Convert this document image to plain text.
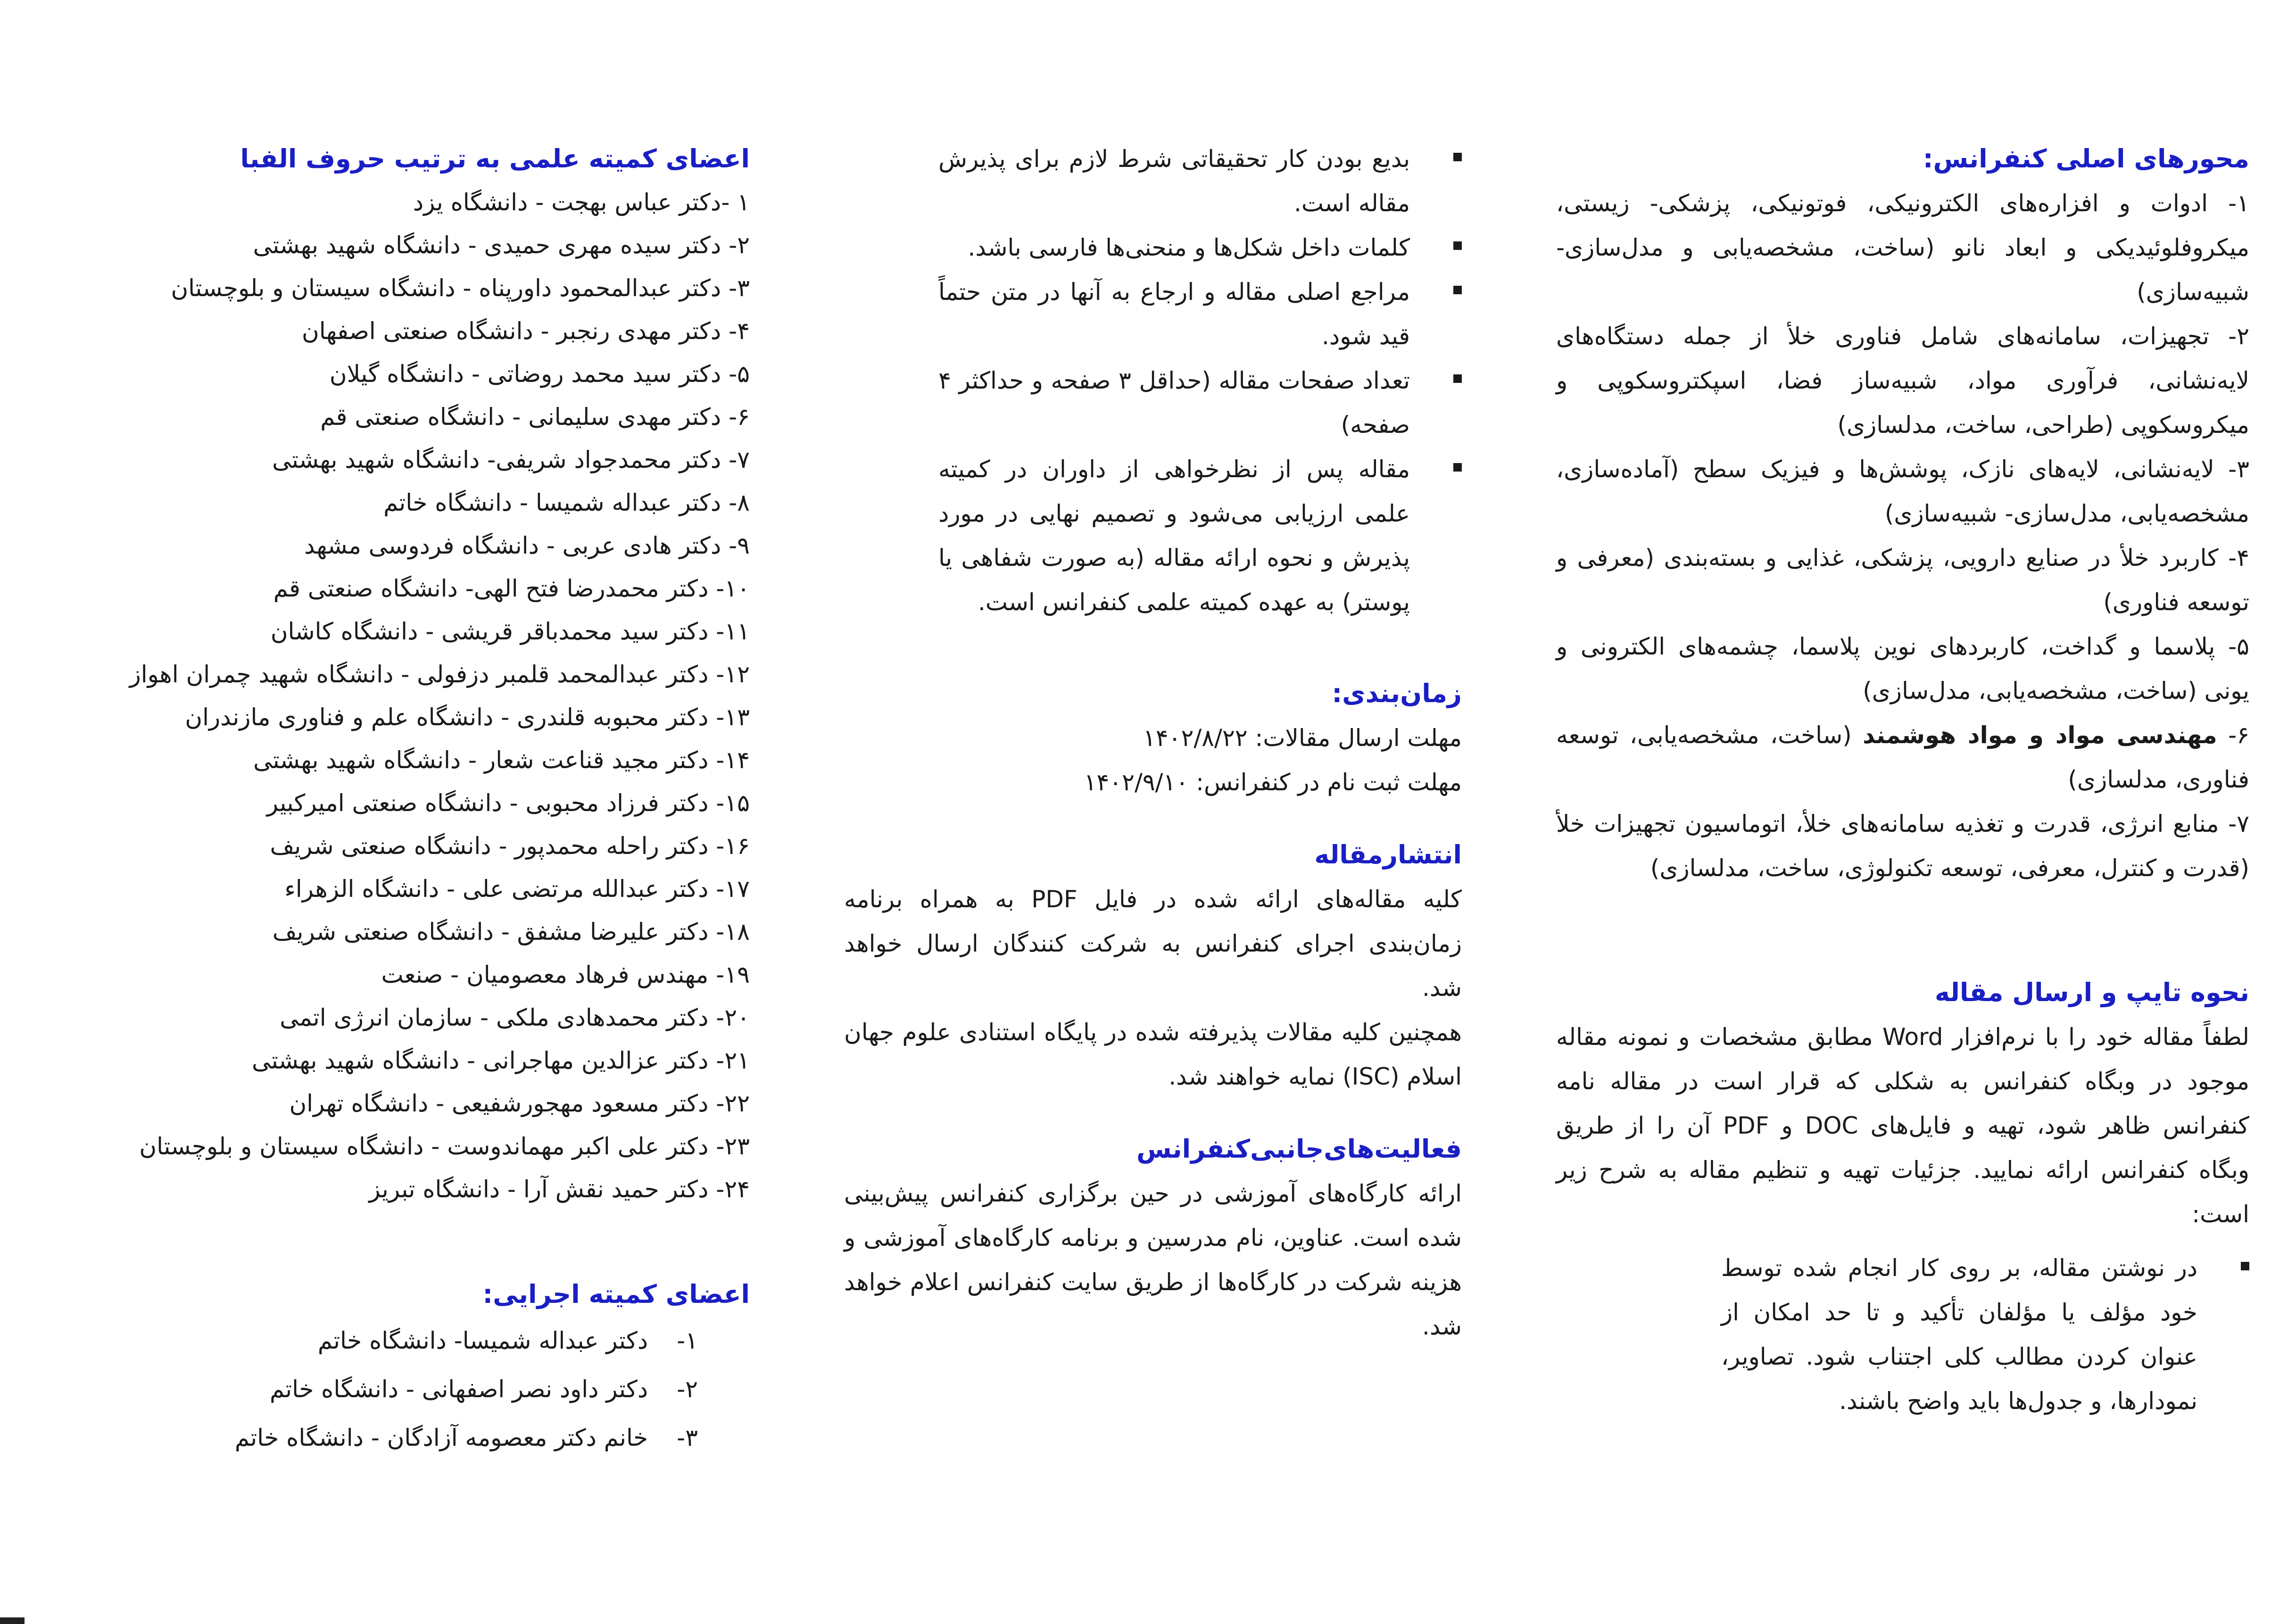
محورهای اصلی کنفرانس:

۱- ادوات و افزاره‌های الکترونیکی، فوتونیکی، پزشکی- زیستی، میکروفلوئیدیکی و ابعاد نانو (ساخت، مشخصه‌یابی و مدل‌سازی- شبیه‌سازی)

۲- تجهیزات، سامانه‌های شامل فناوری خلأ از جمله دستگاه‌های لایه‌نشانی، فرآوری مواد، شبیه‌ساز فضا، اسپکتروسکوپی و میکروسکوپی (طراحی، ساخت، مدلسازی)

۳- لایه‌نشانی، لایه‌های نازک، پوشش‌ها و فیزیک سطح (آماده‌سازی، مشخصه‌یابی، مدل‌سازی- شبیه‌سازی)

۴- کاربرد خلأ در صنایع دارویی، پزشکی، غذایی و بسته‌بندی (معرفی و توسعه فناوری)

۵- پلاسما و گداخت، کاربردهای نوین پلاسما، چشمه‌های الکترونی و یونی (ساخت، مشخصه‌یابی، مدل‌سازی)

۶- مهندسی مواد و مواد هوشمند (ساخت، مشخصه‌یابی، توسعه فناوری، مدلسازی)

۷- منابع انرژی، قدرت و تغذیه سامانه‌های خلأ، اتوماسیون تجهیزات خلأ (قدرت و کنترل، معرفی، توسعه تکنولوژی، ساخت، مدلسازی)

نحوه تایپ و ارسال مقاله

لطفاً مقاله خود را با نرم‌افزار Word مطابق مشخصات و نمونه مقاله موجود در وبگاه کنفرانس به شکلی که قرار است در مقاله نامه کنفرانس ظاهر شود، تهیه و فایل‌های DOC و PDF آن را از طریق وبگاه کنفرانس ارائه نمایید. جزئیات تهیه و تنظیم مقاله به شرح زیر است:

در نوشتن مقاله، بر روی کار انجام شده توسط خود مؤلف یا مؤلفان تأکید و تا حد امکان از عنوان کردن مطالب کلی اجتناب شود. تصاویر، نمودارها، و جدول‌ها باید واضح باشند.
بدیع بودن کار تحقیقاتی شرط لازم برای پذیرش مقاله است.
کلمات داخل شکل‌ها و منحنی‌ها فارسی باشد.
مراجع اصلی مقاله و ارجاع به آنها در متن حتماً قید شود.
تعداد صفحات مقاله (حداقل ۳ صفحه و حداکثر ۴ صفحه)
مقاله پس از نظرخواهی از داوران در کمیته علمی ارزیابی می‌شود و تصمیم نهایی در مورد پذیرش و نحوه ارائه مقاله (به صورت شفاهی یا پوستر) به عهده کمیته علمی کنفرانس است.
زمان‌بندی:

مهلت ارسال مقالات: ۱۴۰۲/۸/۲۲

مهلت ثبت نام در کنفرانس: ۱۴۰۲/۹/۱۰

انتشارمقاله

کلیه مقاله‌های ارائه شده در فایل PDF به همراه برنامه زمان‌بندی اجرای کنفرانس به شرکت کنندگان ارسال خواهد شد.

همچنین کلیه مقالات پذیرفته شده در پایگاه استنادی علوم جهان اسلام (ISC) نمایه خواهند شد.

فعالیت‌های‌جانبی‌کنفرانس

ارائه کارگاه‌های آموزشی در حین برگزاری کنفرانس پیش‌بینی شده است. عناوین، نام مدرسین و برنامه کارگاه‌های آموزشی و هزینه شرکت در کارگاه‌ها از طریق سایت کنفرانس اعلام خواهد شد.

اعضای کمیته علمی به ترتیب حروف الفبا
۱ -دکتر عباس بهجت - دانشگاه یزد
۲- دکتر سیده مهری حمیدی - دانشگاه شهید بهشتی
۳- دکتر عبدالمحمود داورپناه - دانشگاه سیستان و بلوچستان
۴- دکتر مهدی رنجبر - دانشگاه صنعتی اصفهان
۵- دکتر سید محمد روضاتی - دانشگاه گیلان
۶- دکتر مهدی سلیمانی - دانشگاه صنعتی قم
۷- دکتر محمدجواد شریفی- دانشگاه شهید بهشتی
۸- دکتر عبداله شمیسا - دانشگاه خاتم
۹- دکتر هادی عربی - دانشگاه فردوسی مشهد
۱۰- دکتر محمدرضا فتح الهی- دانشگاه صنعتی قم
۱۱- دکتر سید محمدباقر قریشی - دانشگاه کاشان
۱۲- دکتر عبدالمحمد قلمبر دزفولی - دانشگاه شهید چمران اهواز
۱۳- دکتر محبوبه قلندری - دانشگاه علم و فناوری مازندران
۱۴- دکتر مجید قناعت شعار - دانشگاه شهید بهشتی
۱۵- دکتر فرزاد محبوبی - دانشگاه صنعتی امیرکبیر
۱۶- دکتر راحله محمدپور - دانشگاه صنعتی شریف
۱۷- دکتر عبدالله مرتضی علی - دانشگاه الزهراء
۱۸- دکتر علیرضا مشفق - دانشگاه صنعتی شریف
۱۹- مهندس فرهاد معصومیان - صنعت
۲۰- دکتر محمدهادی ملکی - سازمان انرژی اتمی
۲۱- دکتر عزالدین مهاجرانی - دانشگاه شهید بهشتی
۲۲- دکتر مسعود مهجورشفیعی - دانشگاه تهران
۲۳- دکتر علی اکبر مهماندوست - دانشگاه سیستان و بلوچستان
۲۴- دکتر حمید نقش آرا - دانشگاه تبریز
اعضای کمیته اجرایی:
۱- دکتر عبداله شمیسا- دانشگاه خاتم
۲- دکتر داود نصر اصفهانی - دانشگاه خاتم
۳- خانم دکتر معصومه آزادگان - دانشگاه خاتم
